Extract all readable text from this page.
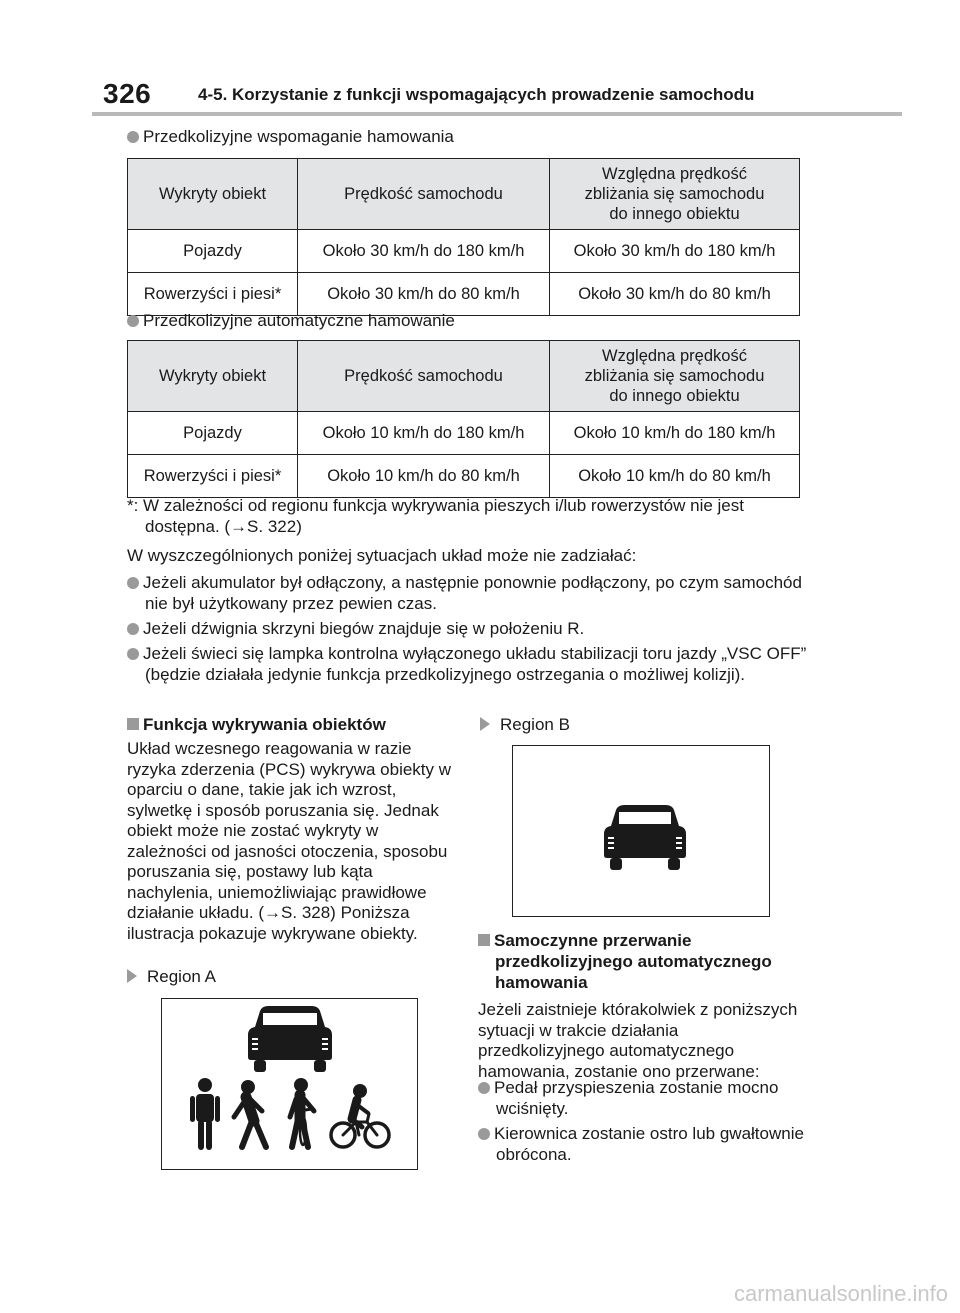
326	4-5. Korzystanie z funkcji wspomagających prowadzenie samochodu
Przedkolizyjne wspomaganie hamowania
Wykryty obiekt	Prędkość samochodu	Względna prędkość
zbliżania się samochodu
do innego obiektu
Pojazdy	Około 30 km/h do 180 km/h	Około 30 km/h do 180 km/h
Rowerzyści i piesi*	Około 30 km/h do 80 km/h	Około 30 km/h do 80 km/h
Przedkolizyjne automatyczne hamowanie
Wykryty obiekt	Prędkość samochodu	Względna prędkość
zbliżania się samochodu
do innego obiektu
Pojazdy	Około 10 km/h do 180 km/h	Około 10 km/h do 180 km/h
Rowerzyści i piesi*	Około 10 km/h do 80 km/h	Około 10 km/h do 80 km/h
*: W zależności od regionu funkcja wykrywania pieszych i/lub rowerzystów nie jest dostępna. (→S. 322)
W wyszczególnionych poniżej sytuacjach układ może nie zadziałać:
Jeżeli akumulator był odłączony, a następnie ponownie podłączony, po czym samochód nie był użytkowany przez pewien czas.
Jeżeli dźwignia skrzyni biegów znajduje się w położeniu R.
Jeżeli świeci się lampka kontrolna wyłączonego układu stabilizacji toru jazdy „VSC OFF” (będzie działała jedynie funkcja przedkolizyjnego ostrzegania o możliwej kolizji).
Funkcja wykrywania obiektów
Układ wczesnego reagowania w razie ryzyka zderzenia (PCS) wykrywa obiekty w oparciu o dane, takie jak ich wzrost, sylwetkę i sposób poruszania się. Jednak obiekt może nie zostać wykryty w zależności od jasności otoczenia, sposobu poruszania się, postawy lub kąta nachylenia, uniemożliwiając prawidłowe działanie układu. (→S. 328) Poniższa ilustracja pokazuje wykrywane obiekty.
Region A
Region B
Samoczynne przerwanie przedkolizyjnego automatycznego hamowania
Jeżeli zaistnieje którakolwiek z poniższych sytuacji w trakcie działania przedkolizyjnego automatycznego hamowania, zostanie ono przerwane:
Pedał przyspieszenia zostanie mocno wciśnięty.
Kierownica zostanie ostro lub gwałtownie obrócona.
carmanualsonline.info
